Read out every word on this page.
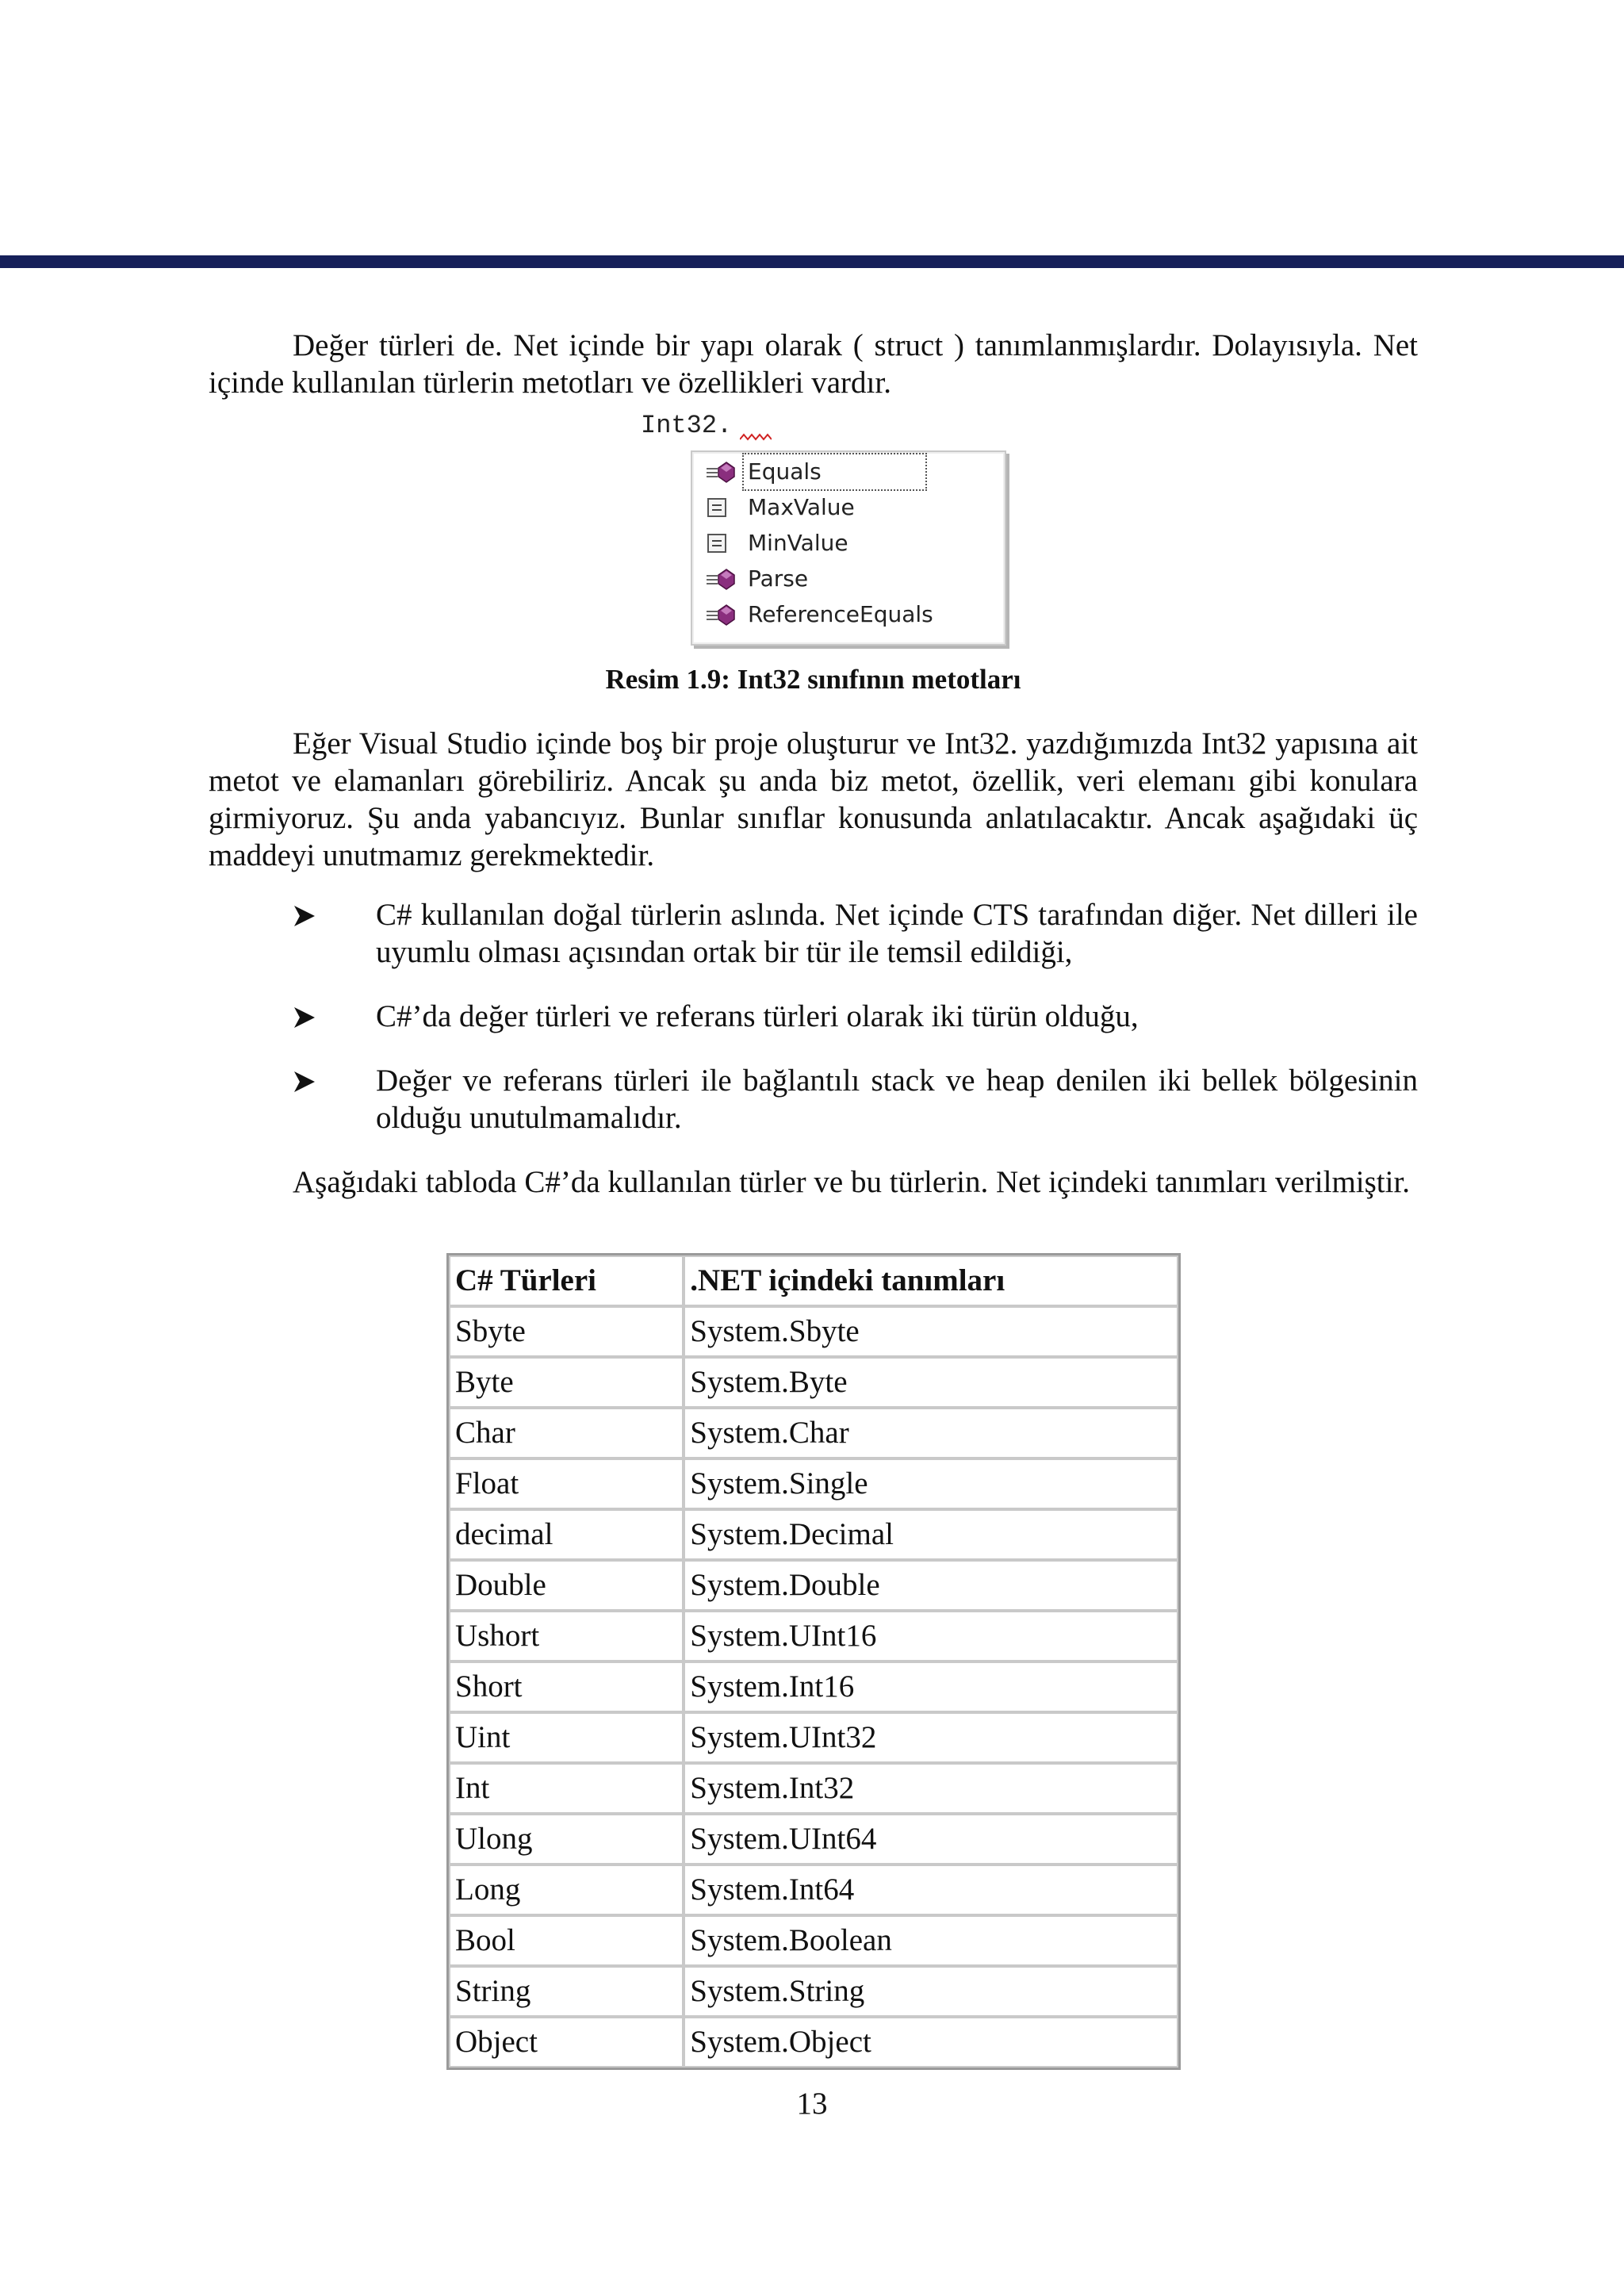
Değer türleri de. Net içinde bir yapı olarak ( struct ) tanımlanmışlardır. Dolayısıyla. Net içinde kullanılan türlerin metotları ve özellikleri vardır.

Int32.
Equals
MaxValue
MinValue
Parse
ReferenceEquals
Resim 1.9: Int32 sınıfının metotları

Eğer Visual Studio içinde boş bir proje oluşturur ve Int32. yazdığımızda Int32 yapısına ait metot ve elamanları görebiliriz. Ancak şu anda biz metot, özellik, veri elemanı gibi konulara girmiyoruz. Şu anda yabancıyız. Bunlar sınıflar konusunda anlatılacaktır. Ancak aşağıdaki üç maddeyi unutmamız gerekmektedir.

C# kullanılan doğal türlerin aslında. Net içinde CTS tarafından diğer. Net dilleri ile uyumlu olması açısından ortak bir tür ile temsil edildiği,
C#’da değer türleri ve referans türleri olarak iki türün olduğu,
Değer ve referans türleri ile bağlantılı stack ve heap denilen iki bellek bölgesinin olduğu unutulmamalıdır.

Aşağıdaki tabloda C#’da kullanılan türler ve bu türlerin. Net içindeki tanımları verilmiştir.

C# Türleri	.NET içindeki tanımları
Sbyte	System.Sbyte
Byte	System.Byte
Char	System.Char
Float	System.Single
decimal	System.Decimal
Double	System.Double
Ushort	System.UInt16
Short	System.Int16
Uint	System.UInt32
Int	System.Int32
Ulong	System.UInt64
Long	System.Int64
Bool	System.Boolean
String	System.String
Object	System.Object
13
